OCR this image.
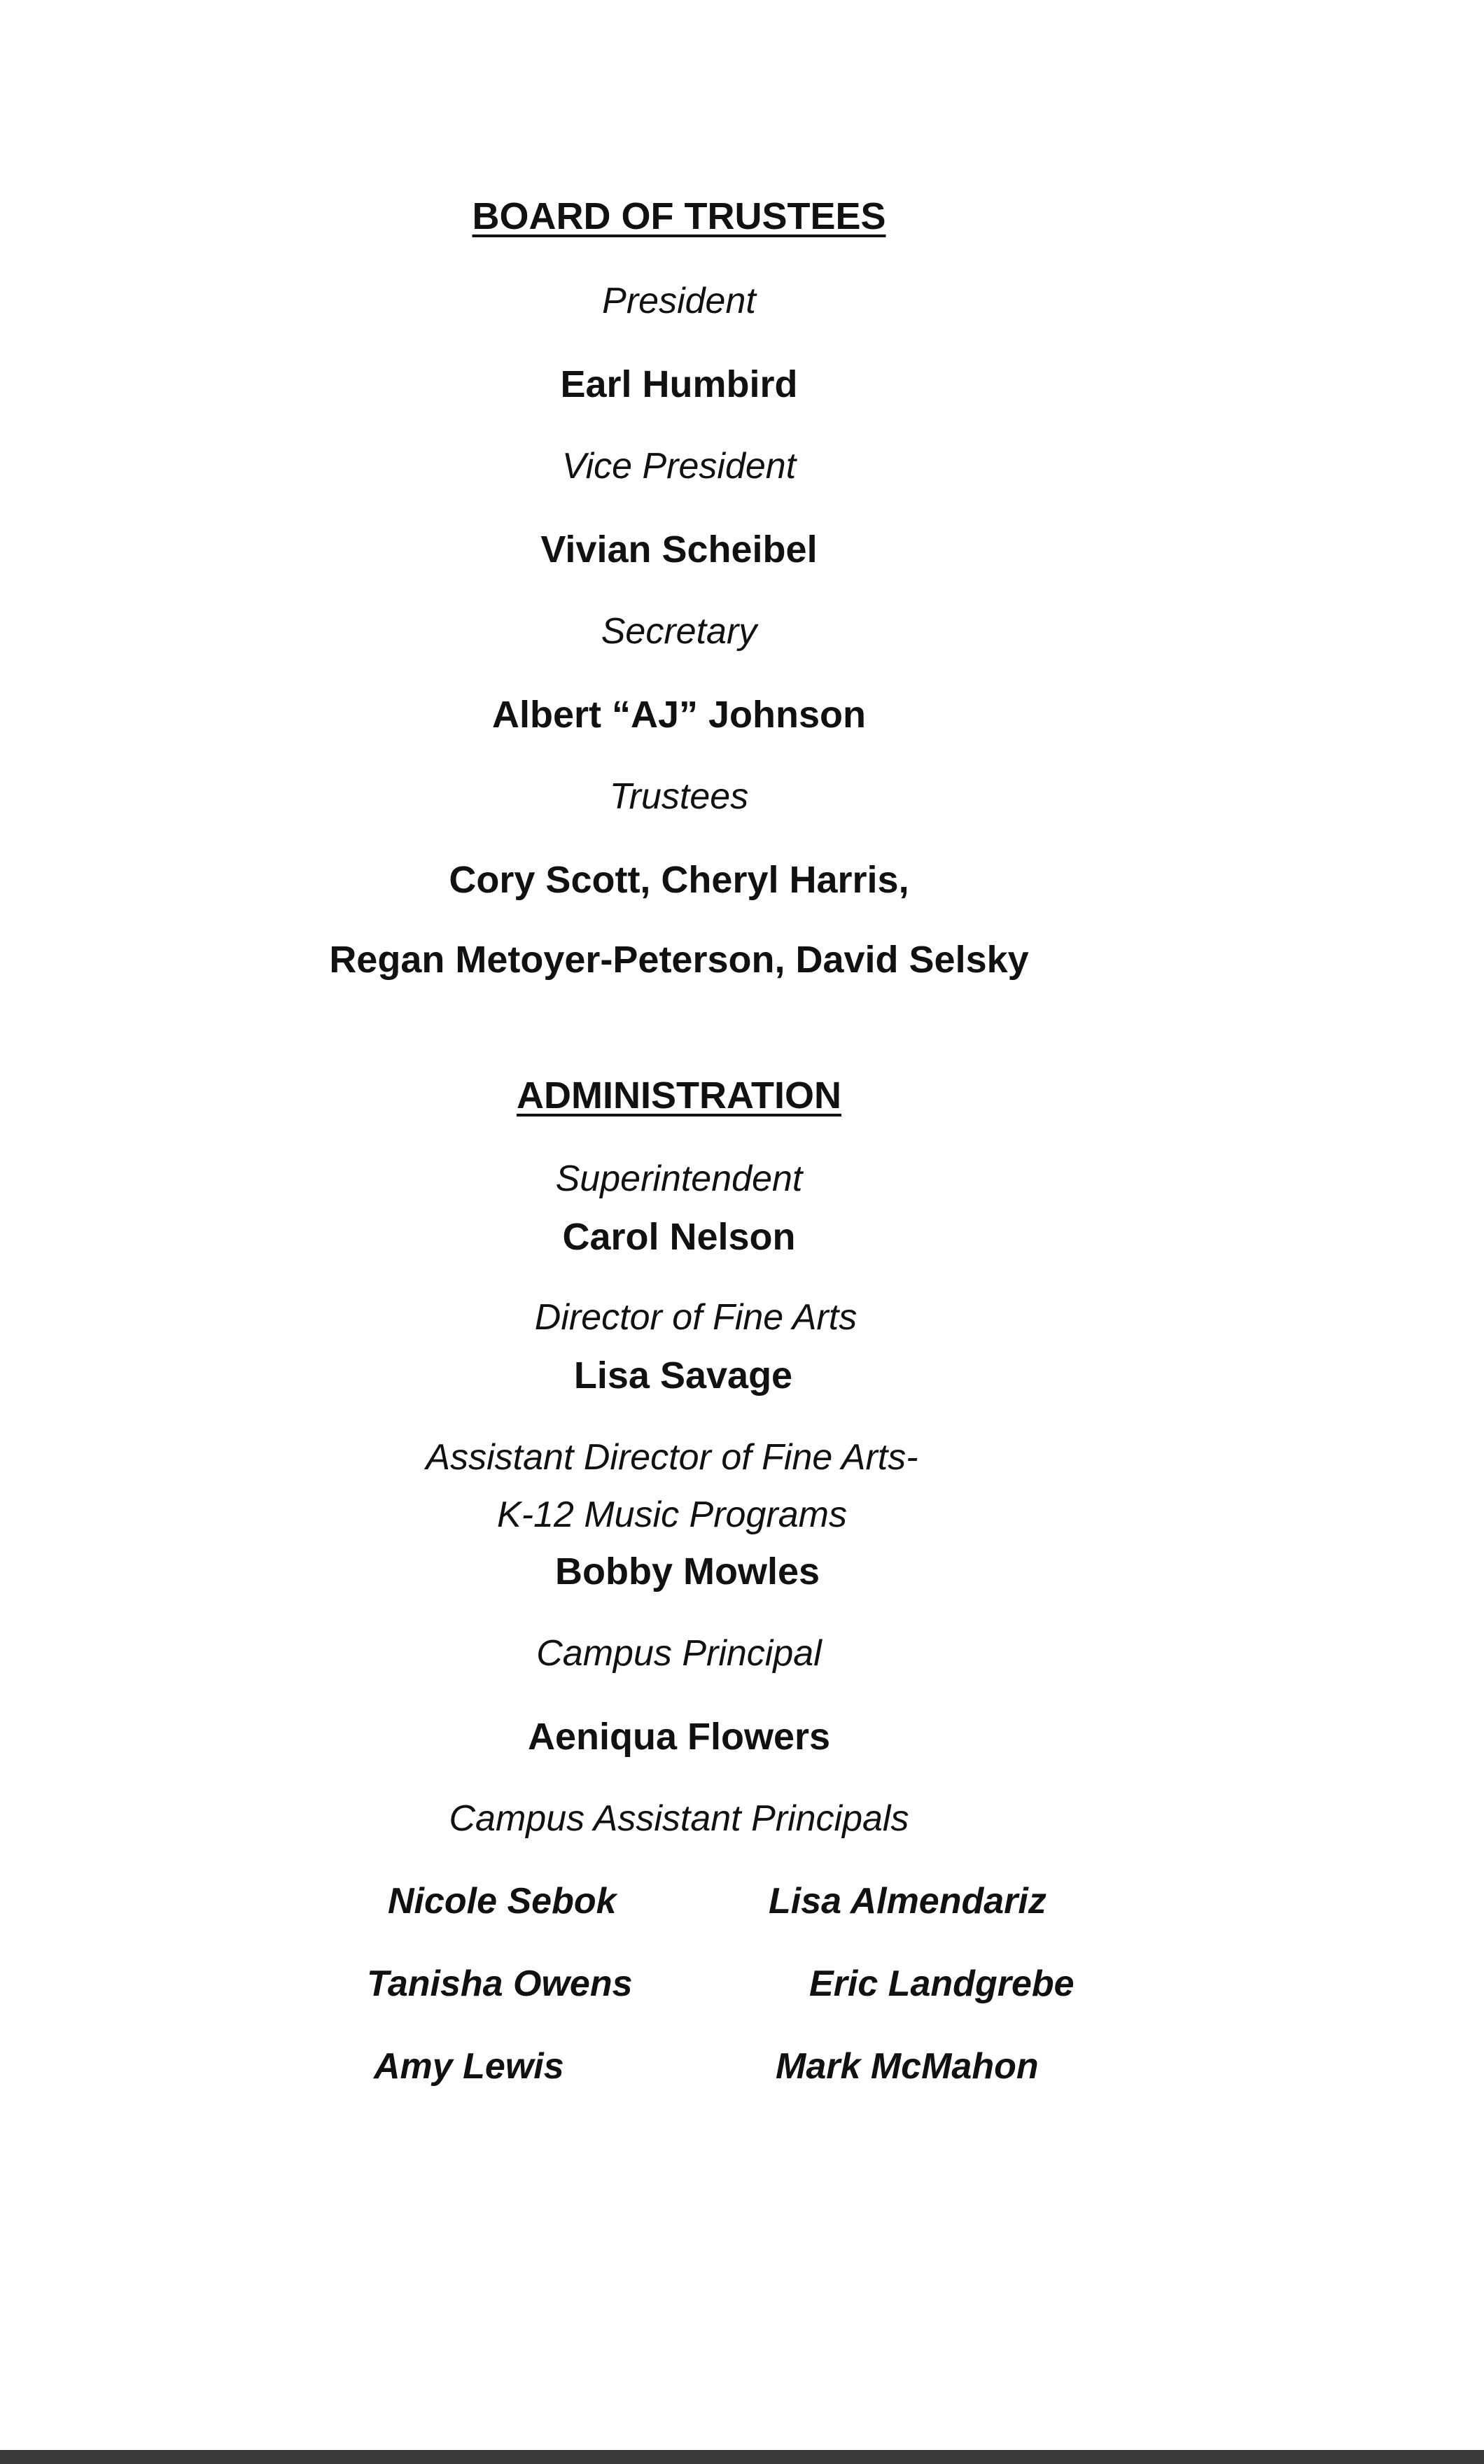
BOARD OF TRUSTEES
President
Earl Humbird
Vice President
Vivian Scheibel
Secretary
Albert “AJ” Johnson
Trustees
Cory Scott, Cheryl Harris,
Regan Metoyer-Peterson, David Selsky
ADMINISTRATION
Superintendent
Carol Nelson
Director of Fine Arts
Lisa Savage
Assistant Director of Fine Arts-
K-12 Music Programs
Bobby Mowles
Campus Principal
Aeniqua Flowers
Campus Assistant Principals
Nicole Sebok	Lisa Almendariz
Tanisha Owens	Eric Landgrebe
Amy Lewis	Mark McMahon
